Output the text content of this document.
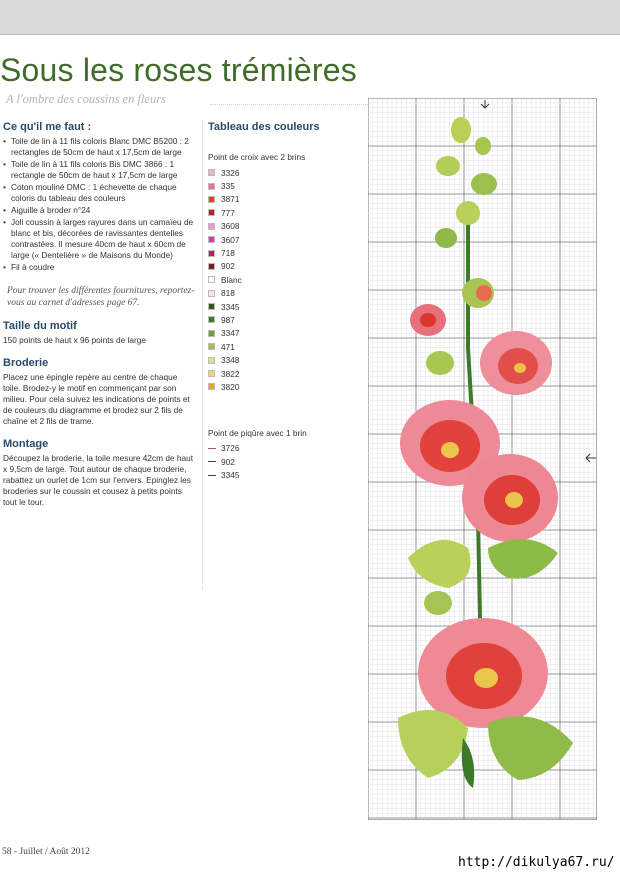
Sous les roses trémières
A l'ombre des coussins en fleurs
Ce qu'il me faut :
• Toile de lin à 11 fils coloris Blanc DMC B5200 : 2 rectangles de 50cm de haut x 17,5cm de large
• Toile de lin à 11 fils coloris Bis DMC 3866 : 1 rectangle de 50cm de haut x 17,5cm de large
• Coton mouliné DMC : 1 échevette de chaque coloris du tableau des couleurs
• Aiguille à broder n°24
• Joli coussin à larges rayures dans un camaïeu de blanc et bis, décorées de ravissantes dentelles contrastées. Il mesure 40cm de haut x 60cm de large (« Dentelière » de Maisons du Monde)
• Fil à coudre
Pour trouver les différentes fournitures, reportez-vous au carnet d'adresses page 67.
Taille du motif

150 points de haut x 96 points de large

Broderie

Placez une épingle repère au centre de chaque toile. Brodez-y le motif en commençant par son milieu. Pour cela suivez les indications de points et de couleurs du diagramme et brodez sur 2 fils de chaîne et 2 fils de trame.

Montage

Découpez la broderie, la toile mesure 42cm de haut x 9,5cm de large. Tout autour de chaque broderie, rabattez un ourlet de 1cm sur l'envers. Epinglez les broderies sur le coussin et cousez à petits points tout le tour.

Tableau des couleurs
Point de croix avec 2 brins
3326
335
3871
777
3608
3607
718
902
Blanc
818
3345
987
3347
471
3348
3822
3820
Point de piqûre avec 1 brin
3726
902
3345
58 - Juillet / Août 2012
http://dikulya67.ru/
